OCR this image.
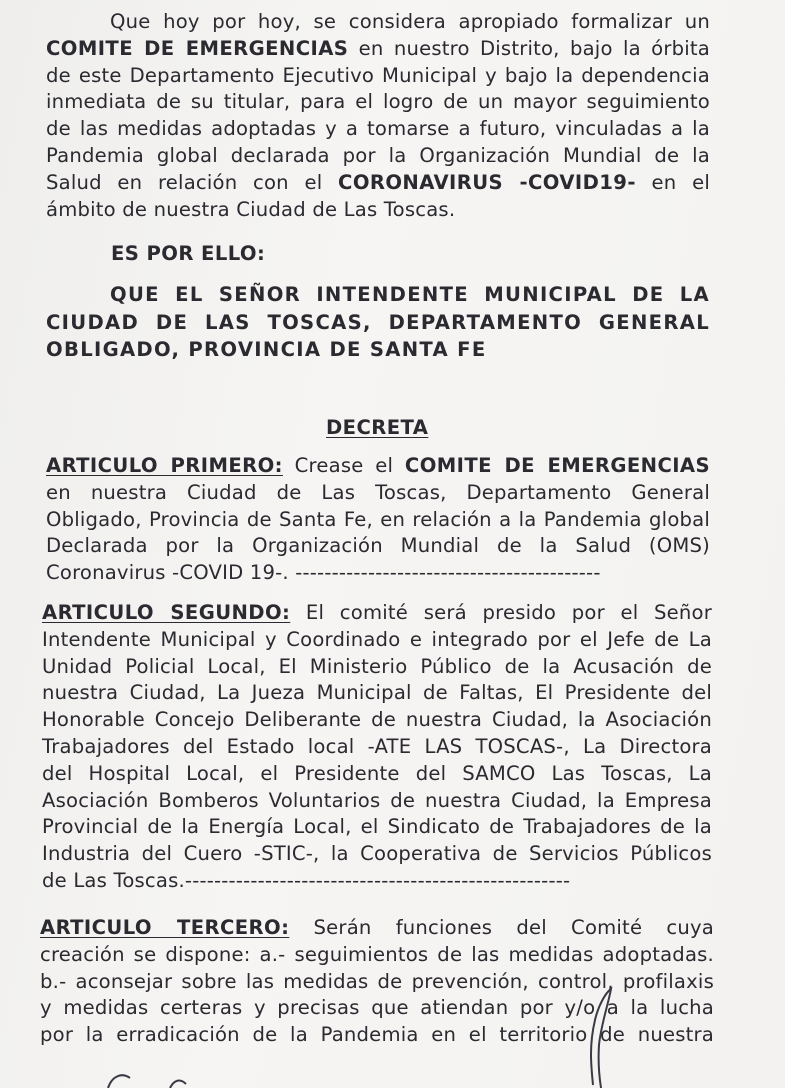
Que hoy por hoy, se considera apropiado formalizar un
COMITE DE EMERGENCIAS en nuestro Distrito, bajo la órbita
de este Departamento Ejecutivo Municipal y bajo la dependencia
inmediata de su titular, para el logro de un mayor seguimiento
de las medidas adoptadas y a tomarse a futuro, vinculadas a la
Pandemia global declarada por la Organización Mundial de la
Salud en relación con el CORONAVIRUS -COVID19- en el
ámbito de nuestra Ciudad de Las Toscas.
ES POR ELLO:
QUE EL SEÑOR INTENDENTE MUNICIPAL DE LA
CIUDAD DE LAS TOSCAS, DEPARTAMENTO GENERAL
OBLIGADO, PROVINCIA DE SANTA FE
DECRETA
ARTICULO PRIMERO: Crease el COMITE DE EMERGENCIAS
en nuestra Ciudad de Las Toscas, Departamento General
Obligado, Provincia de Santa Fe, en relación a la Pandemia global
Declarada por la Organización Mundial de la Salud (OMS)
Coronavirus -COVID 19-. ------------------------------------------
ARTICULO SEGUNDO: El comité será presido por el Señor
Intendente Municipal y Coordinado e integrado por el Jefe de La
Unidad Policial Local, El Ministerio Público de la Acusación de
nuestra Ciudad, La Jueza Municipal de Faltas, El Presidente del
Honorable Concejo Deliberante de nuestra Ciudad, la Asociación
Trabajadores del Estado local -ATE LAS TOSCAS-, La Directora
del Hospital Local, el Presidente del SAMCO Las Toscas, La
Asociación Bomberos Voluntarios de nuestra Ciudad, la Empresa
Provincial de la Energía Local, el Sindicato de Trabajadores de la
Industria del Cuero -STIC-, la Cooperativa de Servicios Públicos
de Las Toscas.-----------------------------------------------------
ARTICULO TERCERO: Serán funciones del Comité cuya
creación se dispone: a.- seguimientos de las medidas adoptadas.
b.- aconsejar sobre las medidas de prevención, control, profilaxis
y medidas certeras y precisas que atiendan por y/o a la lucha
por la erradicación de la Pandemia en el territorio de nuestra
